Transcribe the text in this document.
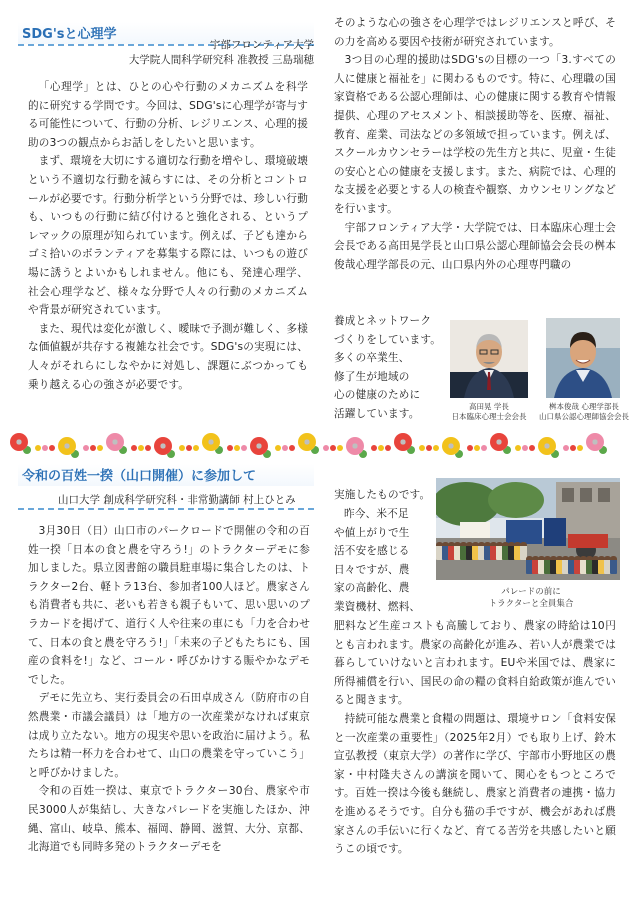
SDG'sと心理学
宇部フロンティア大学
大学院人間科学研究科 准教授 三島瑞穂

「心理学」とは、ひとの心や行動のメカニズムを科学的に研究する学問です。今回は、SDG'sに心理学が寄与する可能性について、行動の分析、レジリエンス、心理的援助の3つの観点からお話しをしたいと思います。

まず、環境を大切にする適切な行動を増やし、環境破壊という不適切な行動を減らすには、その分析とコントロールが必要です。行動分析学という分野では、珍しい行動も、いつもの行動に結び付けると強化される、というプレマックの原理が知られています。例えば、子ども達からゴミ拾いのボランティアを募集する際には、いつもの遊び場に誘うとよいかもしれません。他にも、発達心理学、社会心理学など、様々な分野で人々の行動のメカニズムや背景が研究されています。

また、現代は変化が激しく、曖昧で予測が難しく、多様な価値観が共存する複雑な社会です。SDG'sの実現には、人々がそれらにしなやかに対処し、課題にぶつかっても乗り越える心の強さが必要です。

そのような心の強さを心理学ではレジリエンスと呼び、その力を高める要因や技術が研究されています。

3つ目の心理的援助はSDG'sの目標の一つ「3.すべての人に健康と福祉を」に関わるものです。特に、心理職の国家資格である公認心理師は、心の健康に関する教育や情報提供、心理のアセスメント、相談援助等を、医療、福祉、教育、産業、司法などの多領域で担っています。例えば、スクールカウンセラーは学校の先生方と共に、児童・生徒の安心と心の健康を支援します。また、病院では、心理的な支援を必要とする人の検査や観察、カウンセリングなどを行います。

宇部フロンティア大学・大学院では、日本臨床心理士会会長である高田晃学長と山口県公認心理師協会会長の桝本俊哉心理学部長の元、山口県内外の心理専門職の

養成とネットワーク
づくりをしています。
多くの卒業生、
修了生が地域の
心の健康のために
活躍しています。
高田晃 学長
日本臨床心理士会会長
桝本俊哉 心理学部長
山口県公認心理師協会会長
令和の百姓一揆（山口開催）に参加して
山口大学 創成科学研究科・非常勤講師 村上ひとみ

3月30日（日）山口市のパークロードで開催の令和の百姓一揆「日本の食と農を守ろう!」のトラクターデモに参加しました。県立図書館の職員駐車場に集合したのは、トラクター2台、軽トラ13台、参加者100人ほど。農家さんも消費者も共に、老いも若きも親子もいて、思い思いのプラカードを掲げて、道行く人や往来の車にも「力を合わせて、日本の食と農を守ろう!」「未来の子どもたちにも、国産の食料を!」など、コール・呼びかけする賑やかなデモでした。

デモに先立ち、実行委員会の石田卓成さん（防府市の自然農業・市議会議員）は「地方の一次産業がなければ東京は成り立たない。地方の現実や思いを政治に届けよう。私たちは精一杯力を合わせて、山口の農業を守っていこう」と呼びかけました。

令和の百姓一揆は、東京でトラクター30台、農家や市民3000人が集結し、大きなパレードを実施したほか、沖縄、富山、岐阜、熊本、福岡、静岡、滋賀、大分、京都、北海道でも同時多発のトラクターデモを

実施したものです。
昨今、米不足
や値上がりで生
活不安を感じる
日々ですが、農
家の高齢化、農
業資機材、燃料、
パレードの前に
トラクターと全員集合

肥料など生産コストも高騰しており、農家の時給は10円とも言われます。農家の高齢化が進み、若い人が農業では暮らしていけないと言われます。EUや米国では、農家に所得補償を行い、国民の命の糧の食料自給政策が進んでいると聞きます。

持続可能な農業と食糧の問題は、環境サロン「食料安保と一次産業の重要性」（2025年2月）でも取り上げ、鈴木宣弘教授（東京大学）の著作に学び、宇部市小野地区の農家・中村隆夫さんの講演を聞いて、関心をもつところです。百姓一揆は今後も継続し、農家と消費者の連携・協力を進めるそうです。自分も猫の手ですが、機会があれば農家さんの手伝いに行くなど、育てる苦労を共感したいと願うこの頃です。
